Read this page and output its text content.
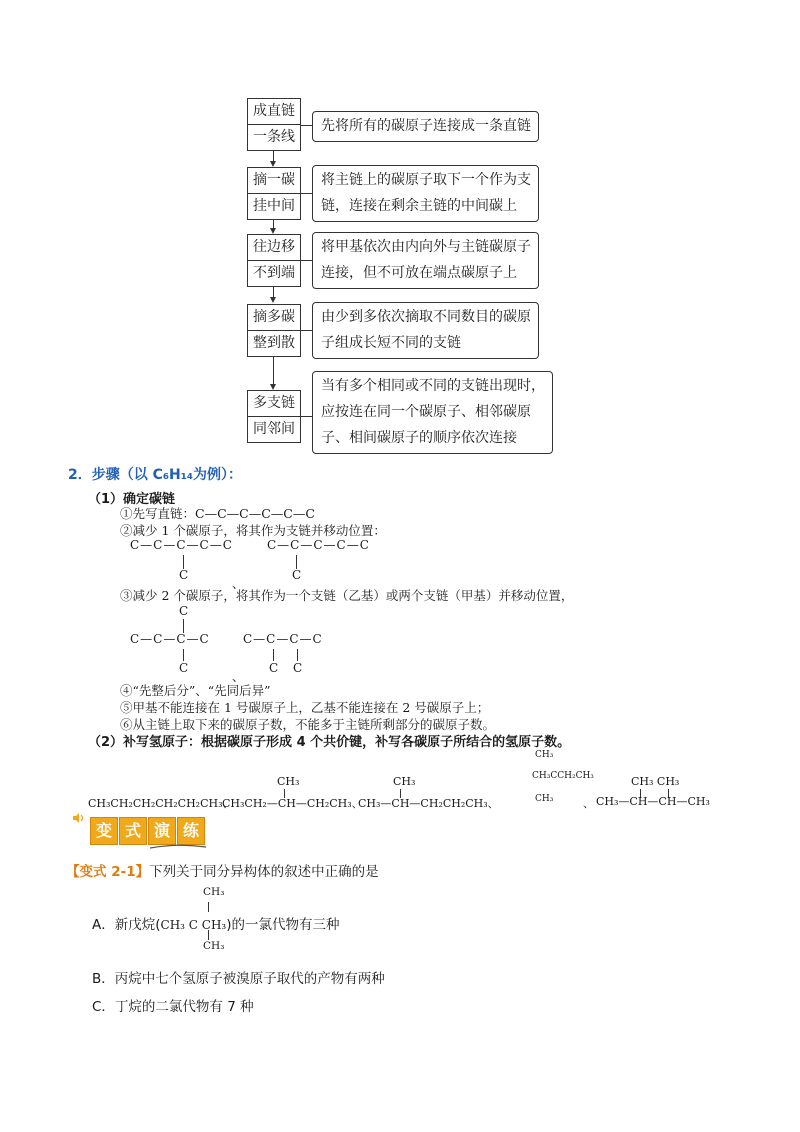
成直链
一条线
先将所有的碳原子连接成一条直链
摘一碳
挂中间
将主链上的碳原子取下一个作为支
链，连接在剩余主链的中间碳上
往边移
不到端
将甲基依次由内向外与主链碳原子
连接，但不可放在端点碳原子上
摘多碳
整到散
由少到多依次摘取不同数目的碳原
子组成长短不同的支链
多支链
同邻间
当有多个相同或不同的支链出现时，
应按连在同一个碳原子、相邻碳原
子、相间碳原子的顺序依次连接
2．步骤（以 C₆H₁₄为例）：
（1）确定碳链
①先写直链：C—C—C—C—C—C
②减少 1 个碳原子，将其作为支链并移动位置：
C—C—C—C—C
C
、
C—C—C—C—C
C
③减少 2 个碳原子，将其作为一个支链（乙基）或两个支链（甲基）并移动位置，
C
C—C—C—C
C
、
C—C—C—C
C C
④“先整后分”、“先同后异”
⑤甲基不能连接在 1 号碳原子上，乙基不能连接在 2 号碳原子上；
⑥从主链上取下来的碳原子数，不能多于主链所剩部分的碳原子数。
（2）补写氢原子：根据碳原子形成 4 个共价键，补写各碳原子所结合的氢原子数。
CH₃
CH₃CCH₂CH₃
CH₃
CH₃	CH₃	CH₃ CH₃
CH₃CH₂CH₂CH₂CH₂CH₃、
CH₃CH₂—CH—CH₂CH₃、
CH₃—CH—CH₂CH₂CH₃、	、 CH₃—CH—CH—CH₃
变 式 演 练
【变式 2-1】下列关于同分异构体的叙述中正确的是
CH₃
A．新戊烷(CH₃ C CH₃)的一氯代物有三种
CH₃
B．丙烷中七个氢原子被溴原子取代的产物有两种
C．丁烷的二氯代物有 7 种
